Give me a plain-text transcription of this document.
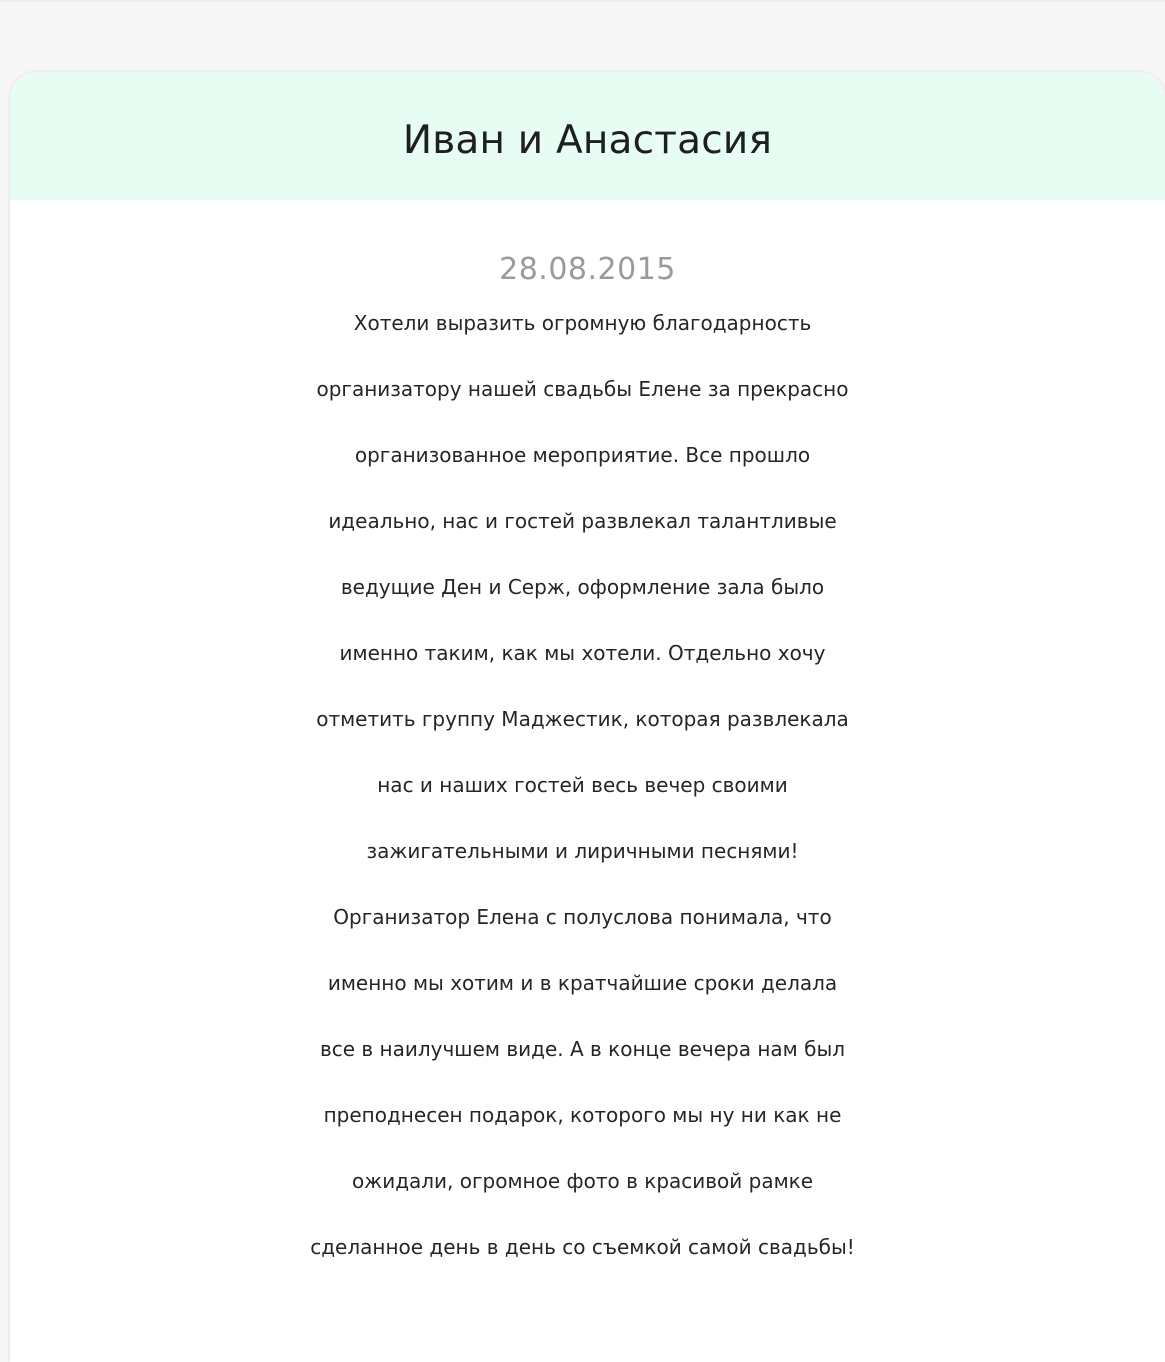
Иван и Анастасия
28.08.2015
Хотели выразить огромную благодарность
организатору нашей свадьбы Елене за прекрасно
организованное мероприятие. Все прошло
идеально, нас и гостей развлекал талантливые
ведущие Ден и Серж, оформление зала было
именно таким, как мы хотели. Отдельно хочу
отметить группу Маджестик, которая развлекала
нас и наших гостей весь вечер своими
зажигательными и лиричными песнями!
Организатор Елена с полуслова понимала, что
именно мы хотим и в кратчайшие сроки делала
все в наилучшем виде. А в конце вечера нам был
преподнесен подарок, которого мы ну ни как не
ожидали, огромное фото в красивой рамке
сделанное день в день со съемкой самой свадьбы!
